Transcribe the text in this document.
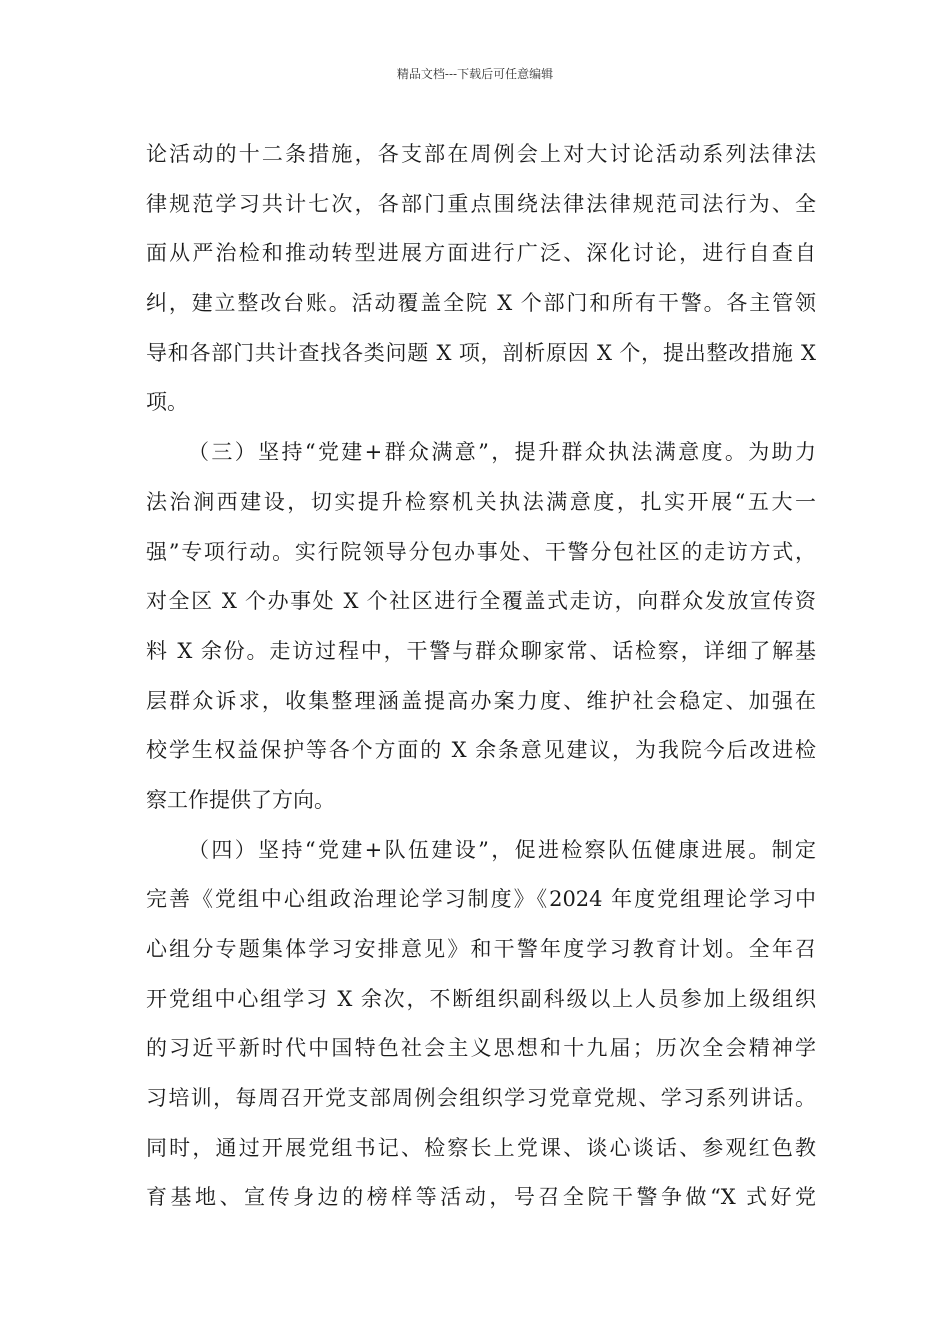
精品文档---下载后可任意编辑
论活动的十二条措施，各支部在周例会上对大讨论活动系列法律法
律规范学习共计七次，各部门重点围绕法律法律规范司法行为、全
面从严治检和推动转型进展方面进行广泛、深化讨论，进行自查自
纠，建立整改台账。活动覆盖全院 X 个部门和所有干警。各主管领
导和各部门共计查找各类问题 X 项，剖析原因 X 个，提出整改措施 X
项。
（三）坚持“党建+群众满意”，提升群众执法满意度。为助力
法治涧西建设，切实提升检察机关执法满意度，扎实开展“五大一
强”专项行动。实行院领导分包办事处、干警分包社区的走访方式，
对全区 X 个办事处 X 个社区进行全覆盖式走访，向群众发放宣传资
料 X 余份。走访过程中，干警与群众聊家常、话检察，详细了解基
层群众诉求，收集整理涵盖提高办案力度、维护社会稳定、加强在
校学生权益保护等各个方面的 X 余条意见建议，为我院今后改进检
察工作提供了方向。
（四）坚持“党建+队伍建设”，促进检察队伍健康进展。制定
完善《党组中心组政治理论学习制度》《2024 年度党组理论学习中
心组分专题集体学习安排意见》和干警年度学习教育计划。全年召
开党组中心组学习 X 余次，不断组织副科级以上人员参加上级组织
的习近平新时代中国特色社会主义思想和十九届；历次全会精神学
习培训，每周召开党支部周例会组织学习党章党规、学习系列讲话。
同时，通过开展党组书记、检察长上党课、谈心谈话、参观红色教
育基地、宣传身边的榜样等活动，号召全院干警争做“X 式好党
